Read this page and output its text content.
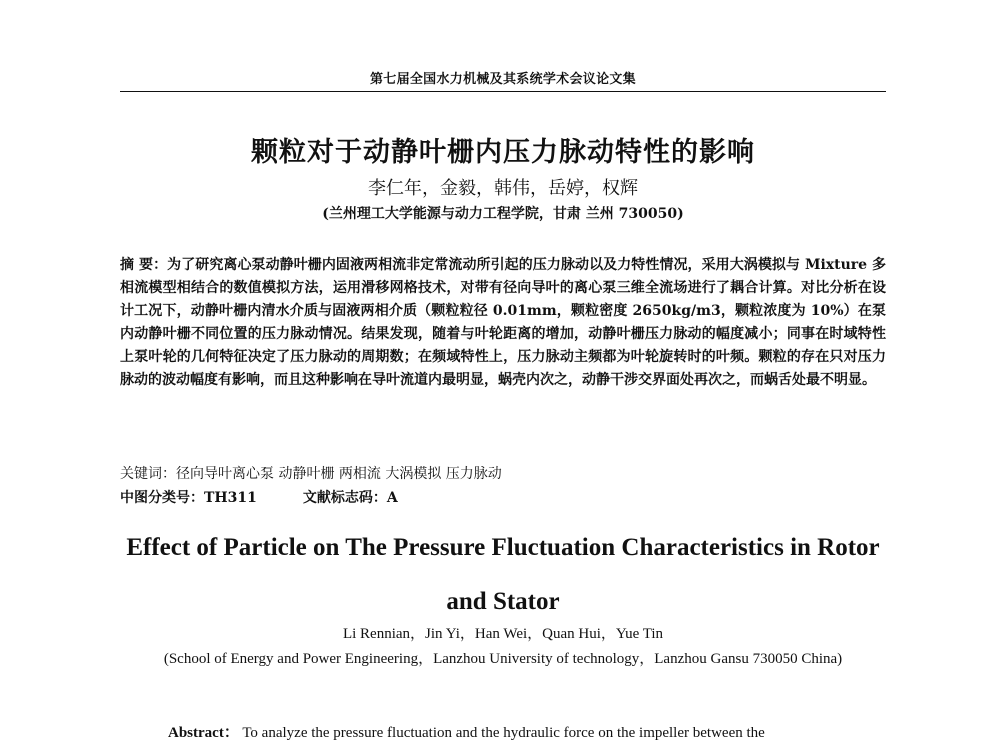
第七届全国水力机械及其系统学术会议论文集
颗粒对于动静叶栅内压力脉动特性的影响
李仁年，金毅，韩伟，岳婷，权辉
(兰州理工大学能源与动力工程学院，甘肃 兰州 730050)
摘 要：为了研究离心泵动静叶栅内固液两相流非定常流动所引起的压力脉动以及力特性情况，采用大涡模拟与 Mixture 多相流模型相结合的数值模拟方法，运用滑移网格技术，对带有径向导叶的离心泵三维全流场进行了耦合计算。对比分析在设计工况下，动静叶栅内清水介质与固液两相介质（颗粒粒径 0.01mm，颗粒密度 2650kg/m3，颗粒浓度为 10%）在泵内动静叶栅不同位置的压力脉动情况。结果发现，随着与叶轮距离的增加，动静叶栅压力脉动的幅度减小；同事在时域特性上泵叶轮的几何特征决定了压力脉动的周期数；在频域特性上，压力脉动主频都为叶轮旋转时的叶频。颗粒的存在只对压力脉动的波动幅度有影响，而且这种影响在导叶流道内最明显，蜗壳内次之，动静干涉交界面处再次之，而蜗舌处最不明显。
关键词：径向导叶离心泵 动静叶栅 两相流 大涡模拟 压力脉动
中图分类号：TH311	文献标志码：A
Effect of Particle on The Pressure Fluctuation Characteristics in Rotor and Stator
Li Rennian，Jin Yi，Han Wei，Quan Hui，Yue Tin
(School of Energy and Power Engineering，Lanzhou University of technology，Lanzhou Gansu 730050 China)
Abstract： To analyze the pressure fluctuation and the hydraulic force on the impeller between the
